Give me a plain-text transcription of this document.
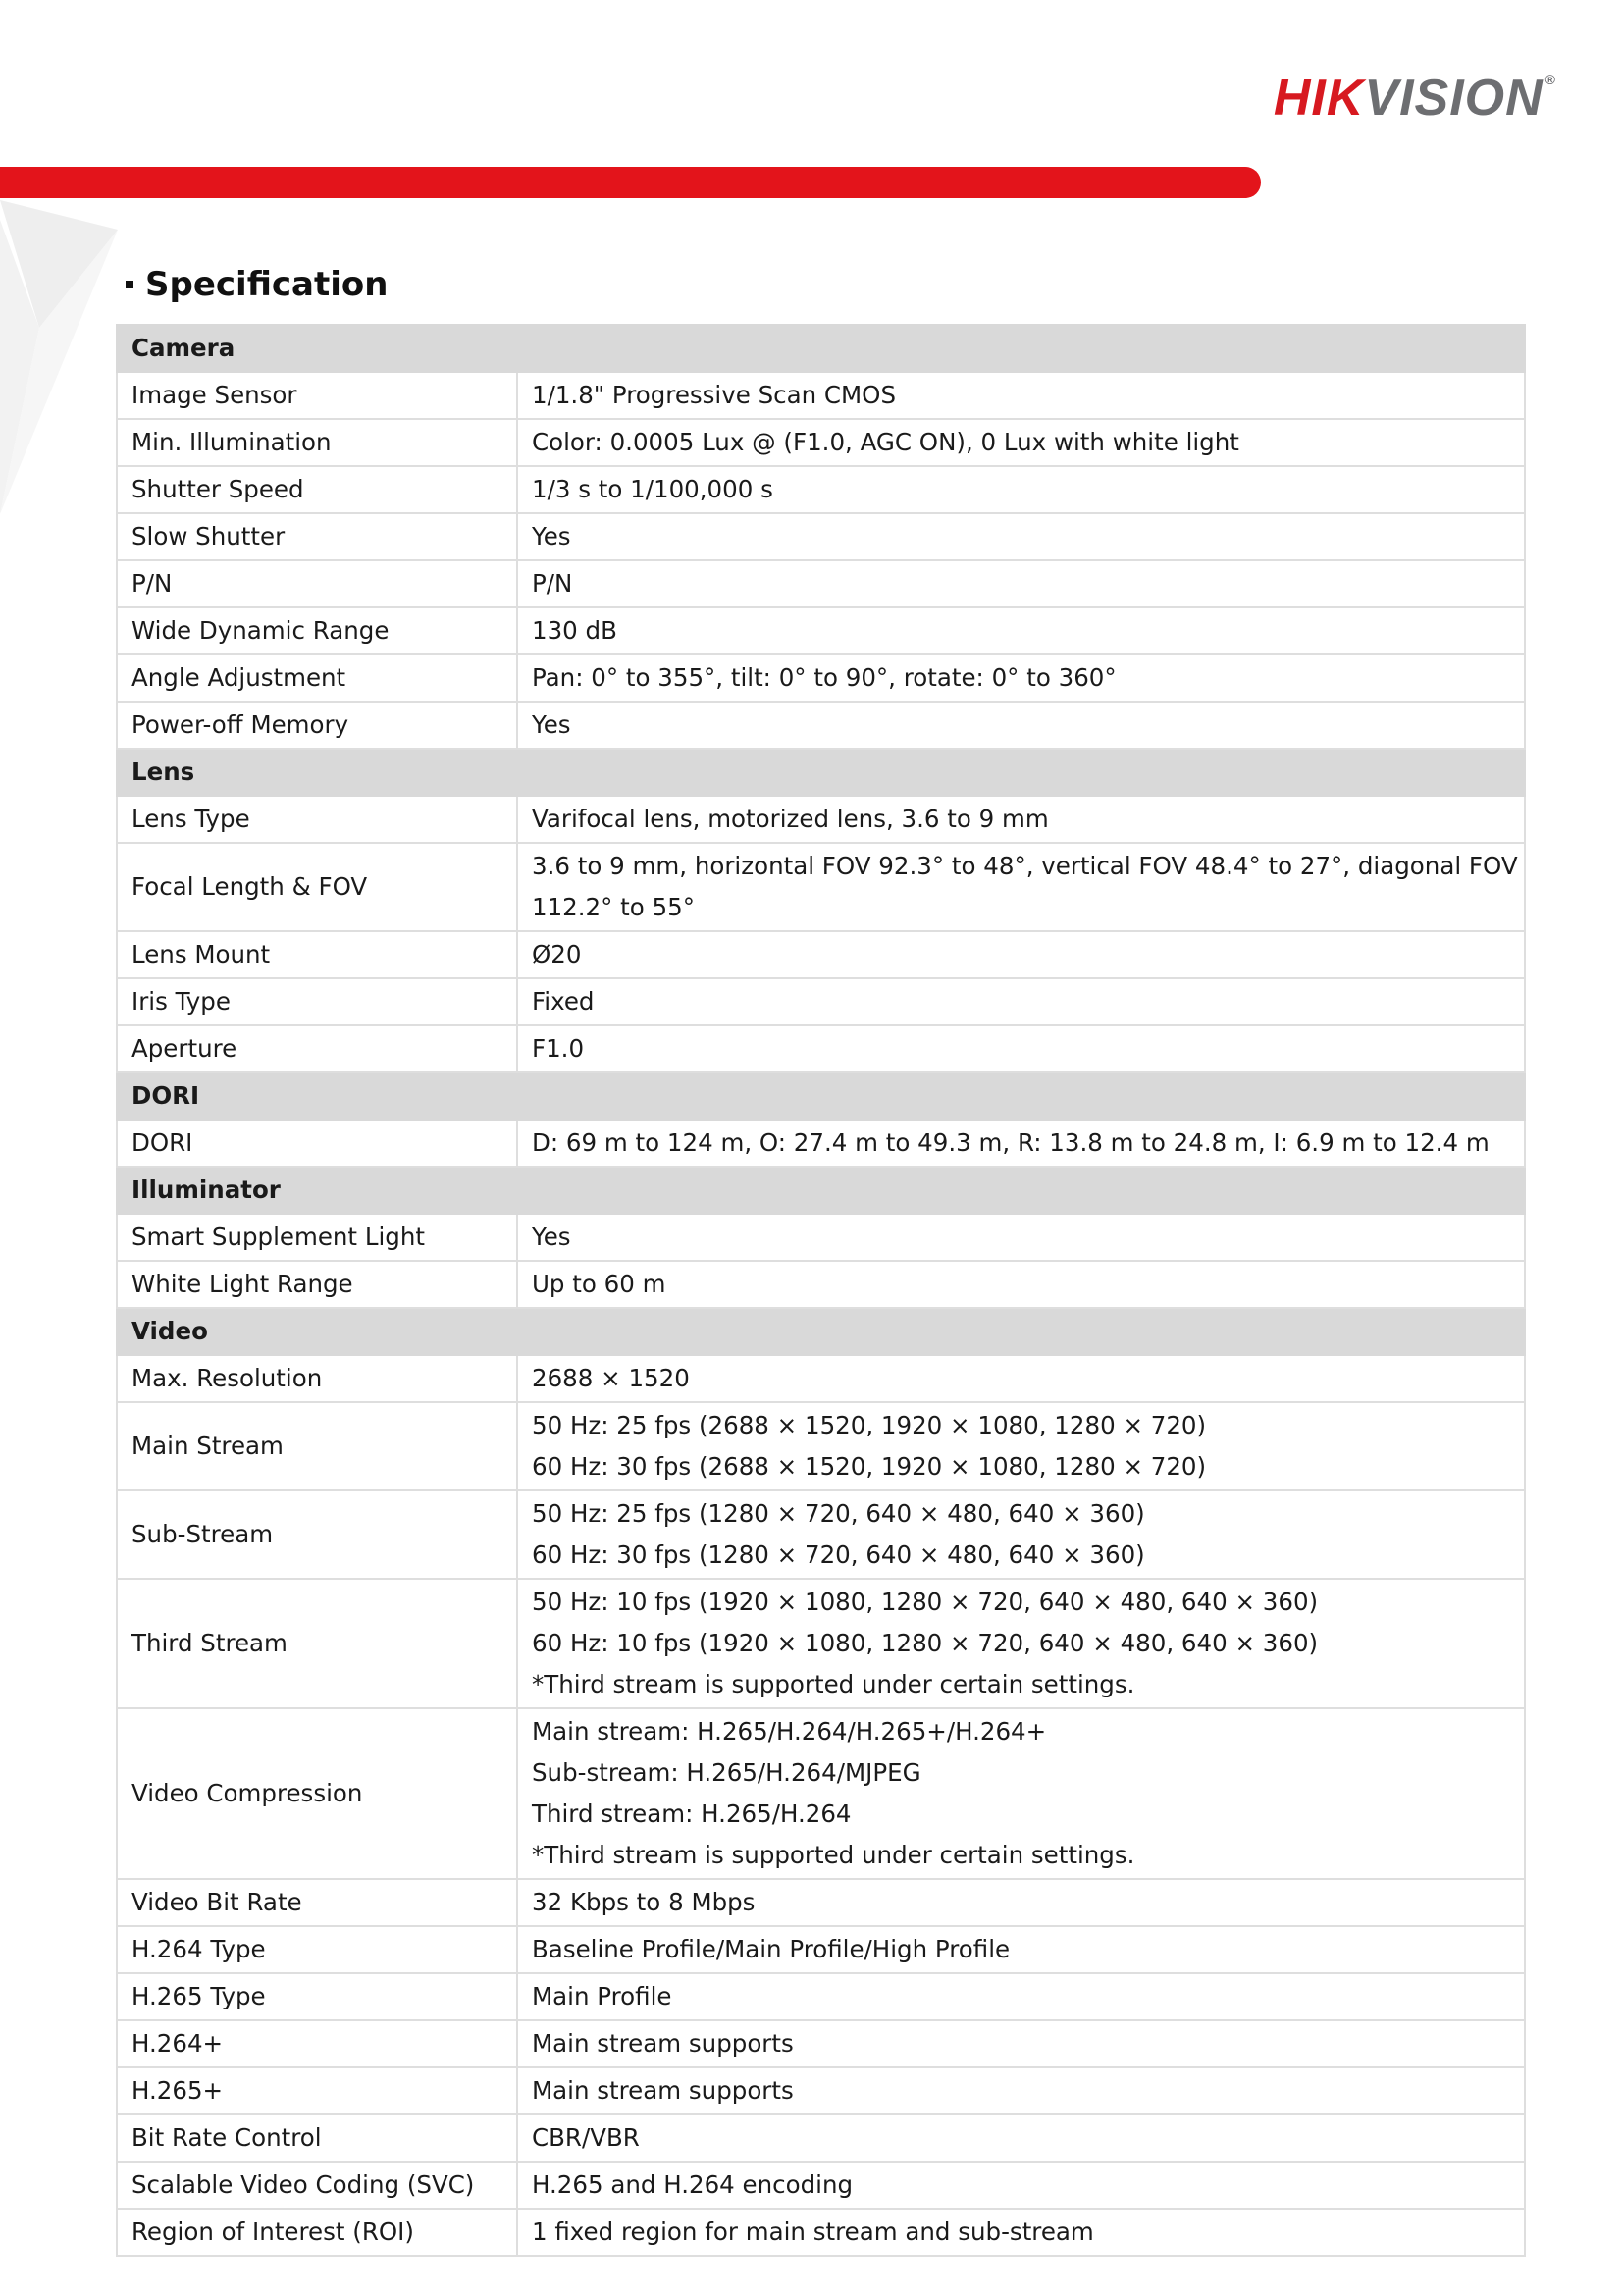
HIKVISION ®
Specification
Camera	
Image Sensor	1/1.8" Progressive Scan CMOS

Min. Illumination	Color: 0.0005 Lux @ (F1.0, AGC ON), 0 Lux with white light

Shutter Speed	1/3 s to 1/100,000 s

Slow Shutter	Yes

P/N	P/N

Wide Dynamic Range	130 dB

Angle Adjustment	Pan: 0° to 355°, tilt: 0° to 90°, rotate: 0° to 360°

Power-off Memory	Yes

Lens	
Lens Type	Varifocal lens, motorized lens, 3.6 to 9 mm

Focal Length & FOV	3.6 to 9 mm, horizontal FOV 92.3° to 48°, vertical FOV 48.4° to 27°, diagonal FOV
112.2° to 55°

Lens Mount	Ø20

Iris Type	Fixed

Aperture	F1.0

DORI	
DORI	D: 69 m to 124 m, O: 27.4 m to 49.3 m, R: 13.8 m to 24.8 m, I: 6.9 m to 12.4 m

Illuminator	
Smart Supplement Light	Yes

White Light Range	Up to 60 m

Video	
Max. Resolution	2688 × 1520

Main Stream	50 Hz: 25 fps (2688 × 1520, 1920 × 1080, 1280 × 720)
60 Hz: 30 fps (2688 × 1520, 1920 × 1080, 1280 × 720)

Sub-Stream	50 Hz: 25 fps (1280 × 720, 640 × 480, 640 × 360)
60 Hz: 30 fps (1280 × 720, 640 × 480, 640 × 360)

Third Stream	50 Hz: 10 fps (1920 × 1080, 1280 × 720, 640 × 480, 640 × 360)
60 Hz: 10 fps (1920 × 1080, 1280 × 720, 640 × 480, 640 × 360)
*Third stream is supported under certain settings.

Video Compression	Main stream: H.265/H.264/H.265+/H.264+
Sub-stream: H.265/H.264/MJPEG
Third stream: H.265/H.264
*Third stream is supported under certain settings.

Video Bit Rate	32 Kbps to 8 Mbps

H.264 Type	Baseline Profile/Main Profile/High Profile

H.265 Type	Main Profile

H.264+	Main stream supports

H.265+	Main stream supports

Bit Rate Control	CBR/VBR

Scalable Video Coding (SVC)	H.265 and H.264 encoding

Region of Interest (ROI)	1 fixed region for main stream and sub-stream
